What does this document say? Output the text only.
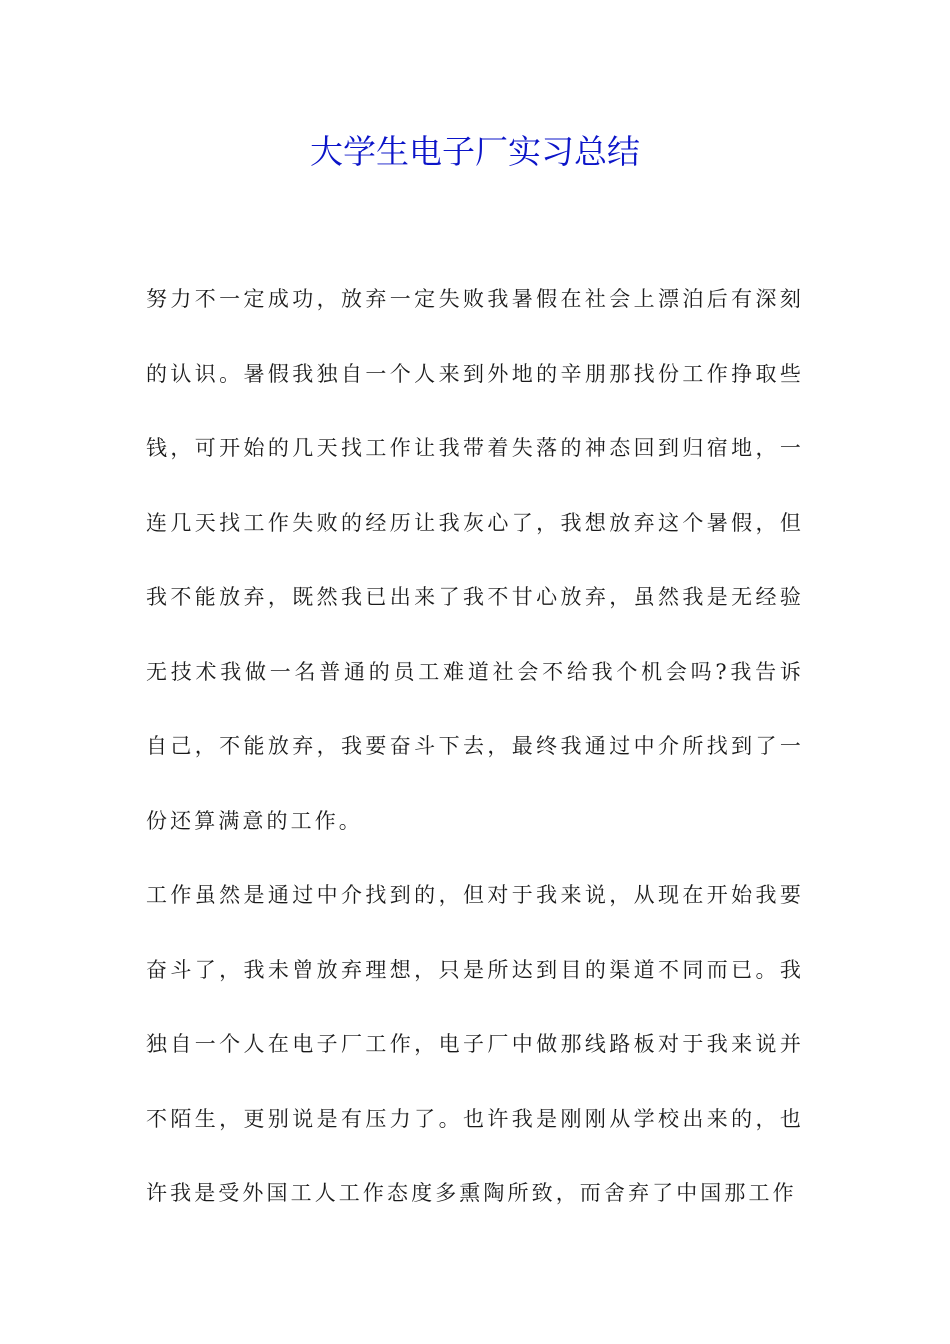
大学生电子厂实习总结

努力不一定成功，放弃一定失败我暑假在社会上漂泊后有深刻的认识。暑假我独自一个人来到外地的辛朋那找份工作挣取些钱，可开始的几天找工作让我带着失落的神态回到归宿地，一连几天找工作失败的经历让我灰心了，我想放弃这个暑假，但我不能放弃，既然我已出来了我不甘心放弃，虽然我是无经验无技术我做一名普通的员工难道社会不给我个机会吗?我告诉自己，不能放弃，我要奋斗下去，最终我通过中介所找到了一份还算满意的工作。

工作虽然是通过中介找到的，但对于我来说，从现在开始我要奋斗了，我未曾放弃理想，只是所达到目的渠道不同而已。我独自一个人在电子厂工作，电子厂中做那线路板对于我来说并不陌生，更别说是有压力了。也许我是刚刚从学校出来的，也许我是受外国工人工作态度多熏陶所致，而舍弃了中国那工作
